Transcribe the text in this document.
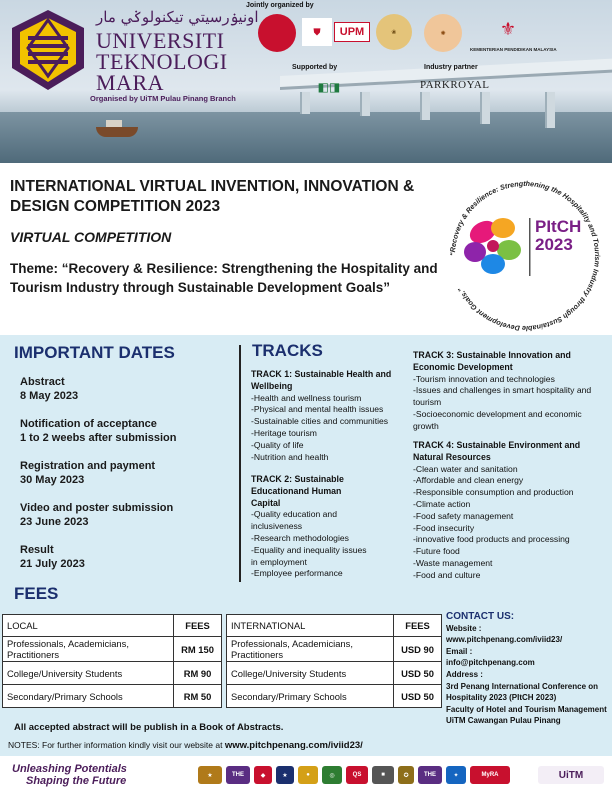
اونيۏرسيتي تيكنولوݢي مار
UNIVERSITI
TEKNOLOGI
MARA
Organised by UiTM Pulau Pinang Branch
Jointly organized by
⛊	UPM	❀	✺	⚜
KEMENTERIAN PENDIDIKAN MALAYSIA
Supported by
◧◨
Industry partner
PARKROYAL
INTERNATIONAL VIRTUAL INVENTION, INNOVATION &
DESIGN COMPETITION 2023
VIRTUAL COMPETITION
Theme: “Recovery & Resilience: Strengthening the Hospitality and Tourism Industry through Sustainable Development Goals”
“Recovery & Resilience: Strengthening the Hospitality and Tourism Industry through Sustainable Development Goals.”
PItCH
2023
IMPORTANT DATES
Abstract
8 May 2023
Notification of acceptance
1 to 2 weebs after submission
Registration and payment
30 May 2023
Video and poster submission
23 June 2023
Result
21 July 2023
TRACKS
TRACK 1: Sustainable Health and Wellbeing
-Health and wellness tourism
-Physical and mental health issues
-Sustainable cities and communities
-Heritage tourism
-Quality of life
-Nutrition and health
TRACK 2: Sustainable Educationand Human Capital
-Quality education and inclusiveness
-Research methodologies
-Equality and inequality issues in employment
-Employee performance
TRACK 3: Sustainable Innovation and Economic Development
-Tourism innovation and technologies
-Issues and challenges in smart hospitality and tourism
-Socioeconomic development and economic growth
TRACK 4: Sustainable Environment and Natural Resources
-Clean water and sanitation
-Affordable and clean energy
-Responsible consumption and production
-Climate action
-Food safety management
-Food insecurity
-innovative food products and processing
-Future food
-Waste management
-Food and culture
FEES
LOCAL	FEES
Professionals, Academicians, Practitioners	RM 150
College/University Students	RM 90
Secondary/Primary Schools	RM 50
INTERNATIONAL	FEES
Professionals, Academicians, Practitioners	USD 90
College/University Students	USD 50
Secondary/Primary Schools	USD 50
CONTACT US:
Website :
www.pitchpenang.com/iviid23/
Email :
info@pitchpenang.com
Address :
3rd Penang International Conference on Hospitality 2023 (PItCH 2023)
Faculty of Hotel and Tourism Management
UiTM Cawangan Pulau Pinang
All accepted abstract will be publish in a Book of Abstracts.
NOTES: For further information kindly visit our website at www.pitchpenang.com/iviid23/
Unleashing Potentials
Shaping the Future	★	THE	◆	★	●	◎	QS	■	✪	THE	✦	MyRA	UiTM
